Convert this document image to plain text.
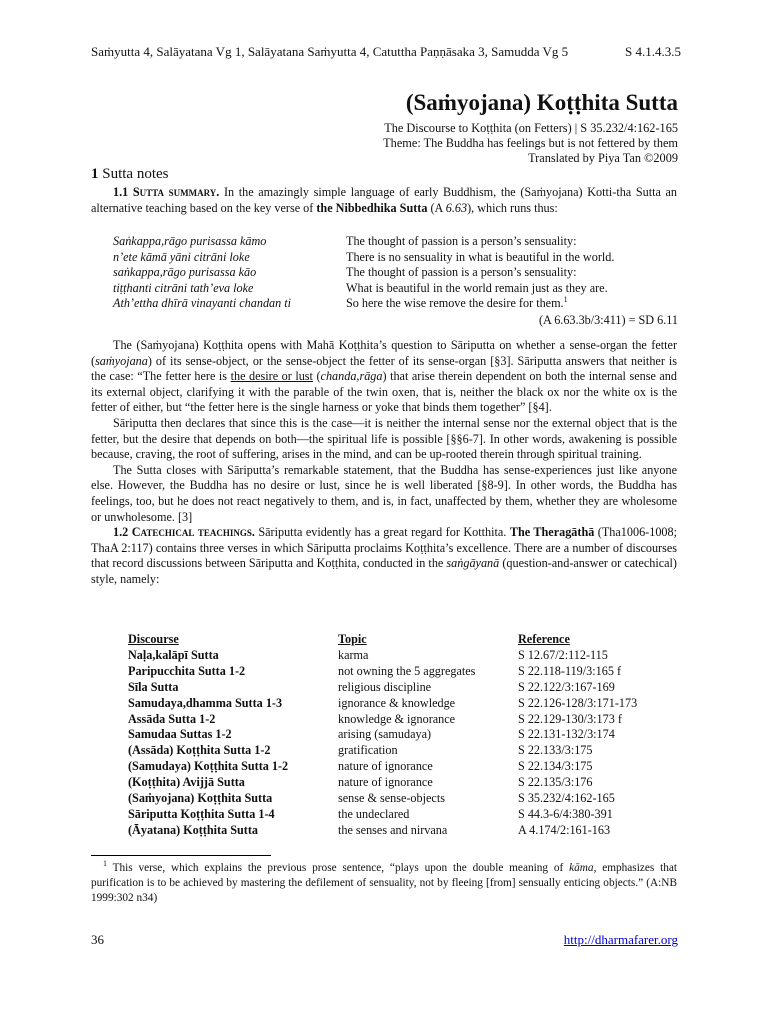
Saṁyutta 4, Salāyatana Vg 1, Salāyatana Saṁyutta 4, Catuttha Paṇṇāsaka 3, Samudda Vg 5	S 4.1.4.3.5
(Saṁyojana) Koṭṭhita Sutta
The Discourse to Koṭṭhita (on Fetters) | S 35.232/4:162-165
Theme: The Buddha has feelings but is not fettered by them
Translated by Piya Tan ©2009
1 Sutta notes

1.1 Sutta summary. In the amazingly simple language of early Buddhism, the (Saṁyojana) Kotti-tha Sutta an alternative teaching based on the key verse of the Nibbedhika Sutta (A 6.63), which runs thus:

Saṅkappa,rāgo purisassa kāmo	The thought of passion is a person’s sensuality:
n’ete kāmā yāni citrāni loke	There is no sensuality in what is beautiful in the world.
saṅkappa,rāgo purisassa kāo	The thought of passion is a person’s sensuality:
tiṭṭhanti citrāni tath’eva loke	What is beautiful in the world remain just as they are.
Ath’ettha dhīrā vinayanti chandan ti	So here the wise remove the desire for them.$^1$
(A 6.63.3b/3:411) = SD 6.11

The (Saṁyojana) Koṭṭhita opens with Mahā Koṭṭhita’s question to Sāriputta on whether a sense-organ the fetter (saṁyojana) of its sense-object, or the sense-object the fetter of its sense-organ [§3]. Sāriputta answers that neither is the case: “The fetter here is the desire or lust (chanda,rāga) that arise therein dependent on both the internal sense and its external object, clarifying it with the parable of the twin oxen, that is, neither the black ox nor the white ox is the fetter of either, but “the fetter here is the single harness or yoke that binds them together” [§4].

Sāriputta then declares that since this is the case—it is neither the internal sense nor the external object that is the fetter, but the desire that depends on both—the spiritual life is possible [§§6-7]. In other words, awakening is possible because, craving, the root of suffering, arises in the mind, and can be up-rooted therein through spiritual training.

The Sutta closes with Sāriputta’s remarkable statement, that the Buddha has sense-experiences just like anyone else. However, the Buddha has no desire or lust, since he is well liberated [§8-9]. In other words, the Buddha has feelings, too, but he does not react negatively to them, and is, in fact, unaffected by them, whether they are wholesome or unwholesome. [3]

1.2 Catechical teachings. Sāriputta evidently has a great regard for Kotthita. The Theragāthā (Tha1006-1008; ThaA 2:117) contains three verses in which Sāriputta proclaims Koṭṭhita’s excellence. There are a number of discourses that record discussions between Sāriputta and Koṭṭhita, conducted in the saṅgāyanā (question-and-answer or catechical) style, namely:

Discourse	Topic	Reference
Naḷa,kalāpī Sutta	karma	S 12.67/2:112-115
Paripucchita Sutta 1-2	not owning the 5 aggregates	S 22.118-119/3:165 f
Sīla Sutta	religious discipline	S 22.122/3:167-169
Samudaya,dhamma Sutta 1-3	ignorance & knowledge	S 22.126-128/3:171-173
Assāda Sutta 1-2	knowledge & ignorance	S 22.129-130/3:173 f
Samudaa Suttas 1-2	arising (samudaya)	S 22.131-132/3:174
(Assāda) Koṭṭhita Sutta 1-2	gratification	S 22.133/3:175
(Samudaya) Koṭṭhita Sutta 1-2	nature of ignorance	S 22.134/3:175
(Koṭṭhita) Avijjā Sutta	nature of ignorance	S 22.135/3:176
(Saṁyojana) Koṭṭhita Sutta	sense & sense-objects	S 35.232/4:162-165
Sāriputta Koṭṭhita Sutta 1-4	the undeclared	S 44.3-6/4:380-391
(Āyatana) Koṭṭhita Sutta	the senses and nirvana	A 4.174/2:161-163
$^1$ This verse, which explains the previous prose sentence, “plays upon the double meaning of kāma, emphasizes that purification is to be achieved by mastering the defilement of sensuality, not by fleeing [from] sensually enticing objects.” (A:NB 1999:302 n34)
36	http://dharmafarer.org
